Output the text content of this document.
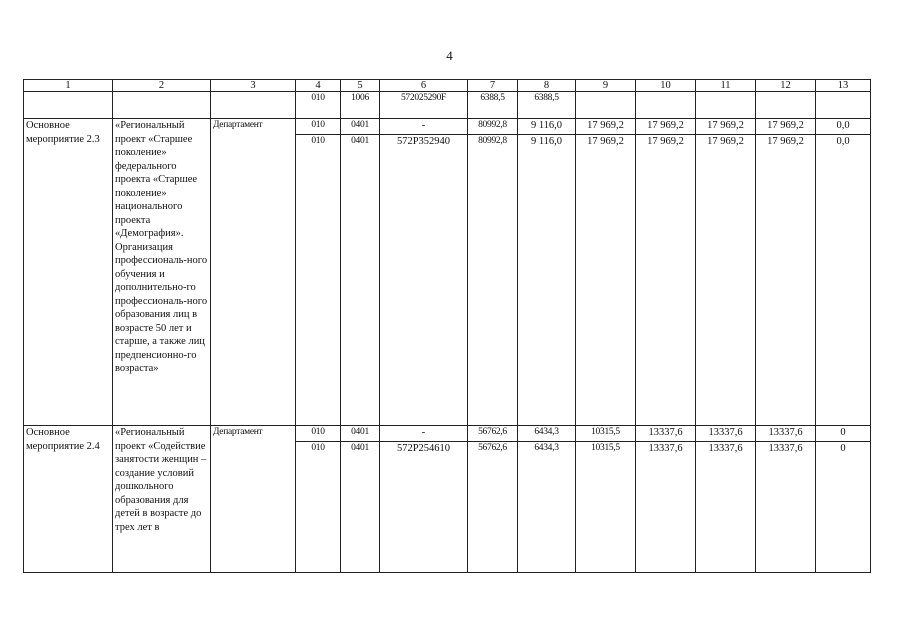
4
1	2	3	4	5	6	7	8	9	10	11	12	13
			010	1006	572025290F	6388,5	6388,5					
Основное мероприятие 2.3	«Региональный проект «Старшее поколение» федерального проекта «Старшее поколение» национального проекта «Демография». Организация профессиональ-ного обучения и дополнительно-го профессиональ-ного образования лиц в возрасте 50 лет и старше, а также лиц предпенсионно-го возраста»	Департамент	010	0401	-	80992,8	9 116,0	17 969,2	17 969,2	17 969,2	17 969,2	0,0
			010	0401	572P352940	80992,8	9 116,0	17 969,2	17 969,2	17 969,2	17 969,2	0,0
Основное мероприятие 2.4	«Региональный проект «Содействие занятости женщин – создание условий дошкольного образования для детей в возрасте до трех лет в	Департамент	010	0401	-	56762,6	6434,3	10315,5	13337,6	13337,6	13337,6	0
			010	0401	572P254610	56762,6	6434,3	10315,5	13337,6	13337,6	13337,6	0
